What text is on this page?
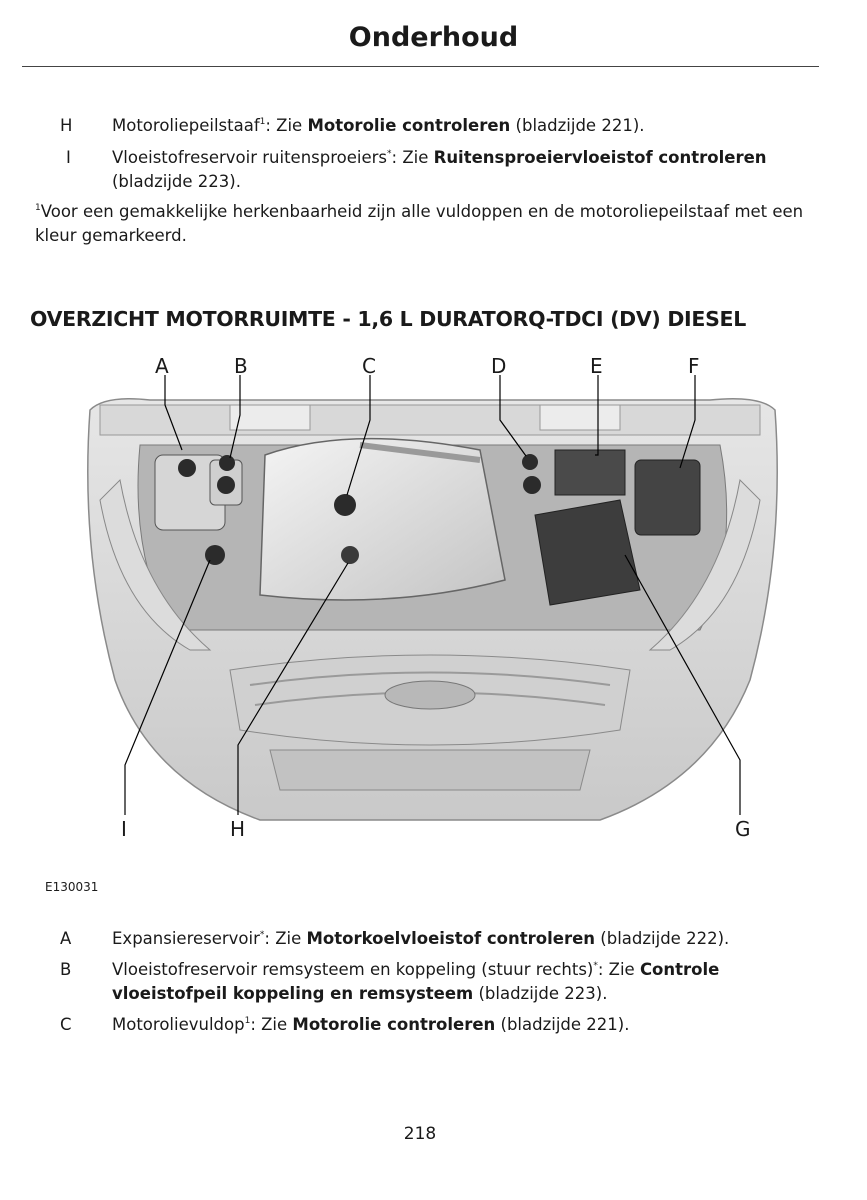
Onderhoud
H	Motoroliepeilstaaf$^1$: Zie Motorolie controleren (bladzijde 221).
I	Vloeistofreservoir ruitensproeiers*: Zie Ruitensproeiervloeistof controleren
(bladzijde 223).
$^1$Voor een gemakkelijke herkenbaarheid zijn alle vuldoppen en de motoroliepeilstaaf met een kleur gemarkeerd.
OVERZICHT MOTORRUIMTE - 1,6 L DURATORQ-TDCI (DV) DIESEL
A	B	C	D	E	F
G
H
I
E130031
A	Expansiereservoir*: Zie Motorkoelvloeistof controleren (bladzijde 222).
B	Vloeistofreservoir remsysteem en koppeling (stuur rechts)*: Zie Controle
vloeistofpeil koppeling en remsysteem (bladzijde 223).
C	Motorolievuldop$^1$: Zie Motorolie controleren (bladzijde 221).
218
